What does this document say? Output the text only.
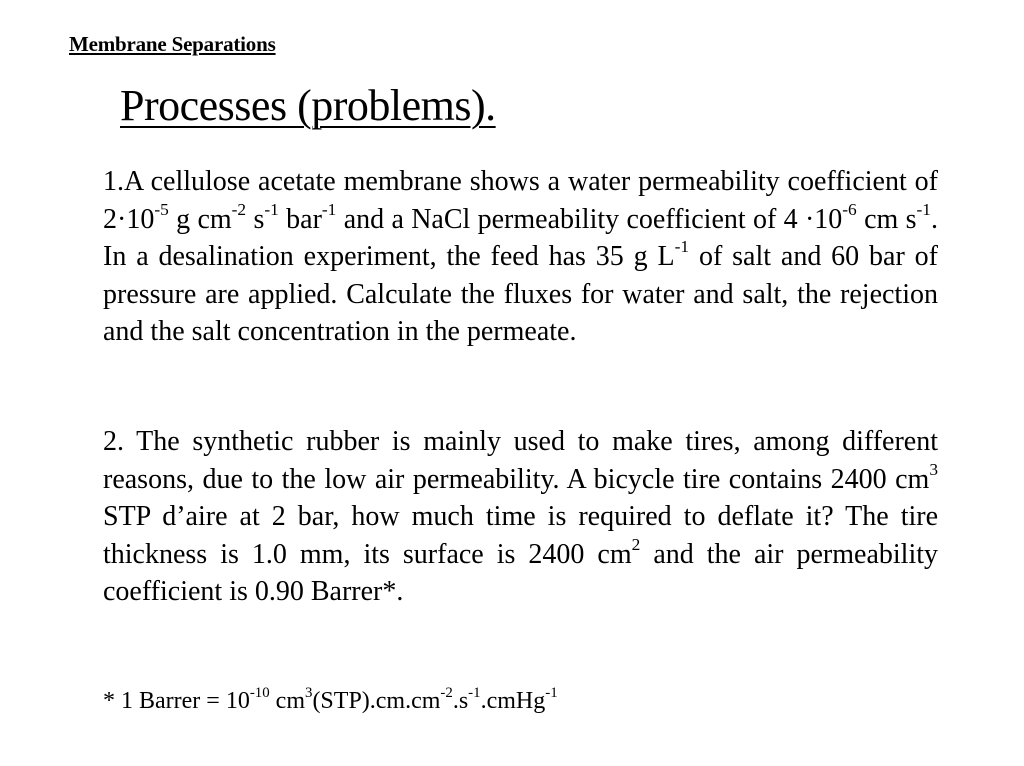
Membrane Separations
Processes (problems).

1.A cellulose acetate membrane shows a water permeability coefficient of $2\cdot 10^{-5}$ g $cm^{-2}$ $s^{-1}$ bar$^{-1}$ and a NaCl permeability coefficient of $4 \cdot 10^{-6}$ cm $s^{-1}$. In a desalination experiment, the feed has 35 g $L^{-1}$ of salt and 60 bar of pressure are applied. Calculate the fluxes for water and salt, the rejection and the salt concentration in the permeate.

2. The synthetic rubber is mainly used to make tires, among different reasons, due to the low air permeability. A bicycle tire contains 2400 $cm^3$ STP d’aire at 2 bar, how much time is required to deflate it? The tire thickness is 1.0 mm, its surface is 2400 $cm^2$ and the air permeability coefficient is 0.90 Barrer*.

* 1 Barrer = $10^{-10}$ $cm^3(STP).cm.cm^{-2}.s^{-1}.cmHg^{-1}$
